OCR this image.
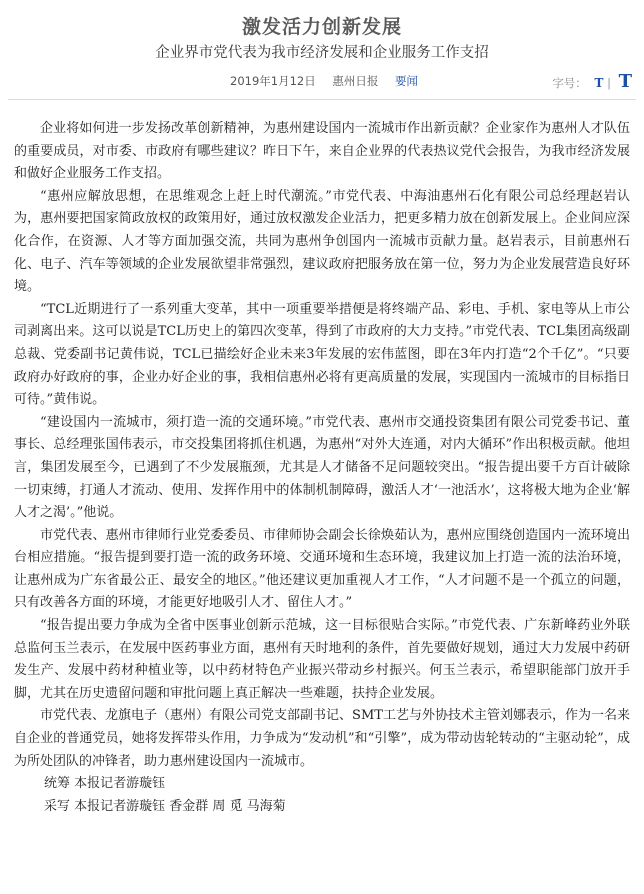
激发活力创新发展
企业界市党代表为我市经济发展和企业服务工作支招
2019年1月12日 惠州日报 要闻	字号： T | T

企业将如何进一步发扬改革创新精神，为惠州建设国内一流城市作出新贡献？企业家作为惠州人才队伍的重要成员，对市委、市政府有哪些建议？昨日下午，来自企业界的代表热议党代会报告，为我市经济发展和做好企业服务工作支招。

“惠州应解放思想，在思维观念上赶上时代潮流。”市党代表、中海油惠州石化有限公司总经理赵岩认为，惠州要把国家简政放权的政策用好，通过放权激发企业活力，把更多精力放在创新发展上。企业间应深化合作，在资源、人才等方面加强交流，共同为惠州争创国内一流城市贡献力量。赵岩表示，目前惠州石化、电子、汽车等领域的企业发展欲望非常强烈，建议政府把服务放在第一位，努力为企业发展营造良好环境。

“TCL近期进行了一系列重大变革，其中一项重要举措便是将终端产品、彩电、手机、家电等从上市公司剥离出来。这可以说是TCL历史上的第四次变革，得到了市政府的大力支持。”市党代表、TCL集团高级副总裁、党委副书记黄伟说，TCL已描绘好企业未来3年发展的宏伟蓝图，即在3年内打造“2个千亿”。“只要政府办好政府的事，企业办好企业的事，我相信惠州必将有更高质量的发展，实现国内一流城市的目标指日可待。”黄伟说。

“建设国内一流城市，须打造一流的交通环境。”市党代表、惠州市交通投资集团有限公司党委书记、董事长、总经理张国伟表示，市交投集团将抓住机遇，为惠州“对外大连通，对内大循环”作出积极贡献。他坦言，集团发展至今，已遇到了不少发展瓶颈，尤其是人才储备不足问题较突出。“报告提出要千方百计破除一切束缚，打通人才流动、使用、发挥作用中的体制机制障碍，激活人才‘一池活水’，这将极大地为企业‘解人才之渴’。”他说。

市党代表、惠州市律师行业党委委员、市律师协会副会长徐焕茹认为，惠州应围绕创造国内一流环境出台相应措施。“报告提到要打造一流的政务环境、交通环境和生态环境，我建议加上打造一流的法治环境，让惠州成为广东省最公正、最安全的地区。”他还建议更加重视人才工作，“人才问题不是一个孤立的问题，只有改善各方面的环境，才能更好地吸引人才、留住人才。”

“报告提出要力争成为全省中医事业创新示范城，这一目标很贴合实际。”市党代表、广东新峰药业外联总监何玉兰表示，在发展中医药事业方面，惠州有天时地利的条件，首先要做好规划，通过大力发展中药研发生产、发展中药材种植业等，以中药材特色产业振兴带动乡村振兴。何玉兰表示，希望职能部门放开手脚，尤其在历史遗留问题和审批问题上真正解决一些难题，扶持企业发展。

市党代表、龙旗电子（惠州）有限公司党支部副书记、SMT工艺与外协技术主管刘娜表示，作为一名来自企业的普通党员，她将发挥带头作用，力争成为“发动机”和“引擎”，成为带动齿轮转动的“主驱动轮”，成为所处团队的冲锋者，助力惠州建设国内一流城市。

统筹 本报记者游璇钰

采写 本报记者游璇钰 香金群 周 觅 马海菊
